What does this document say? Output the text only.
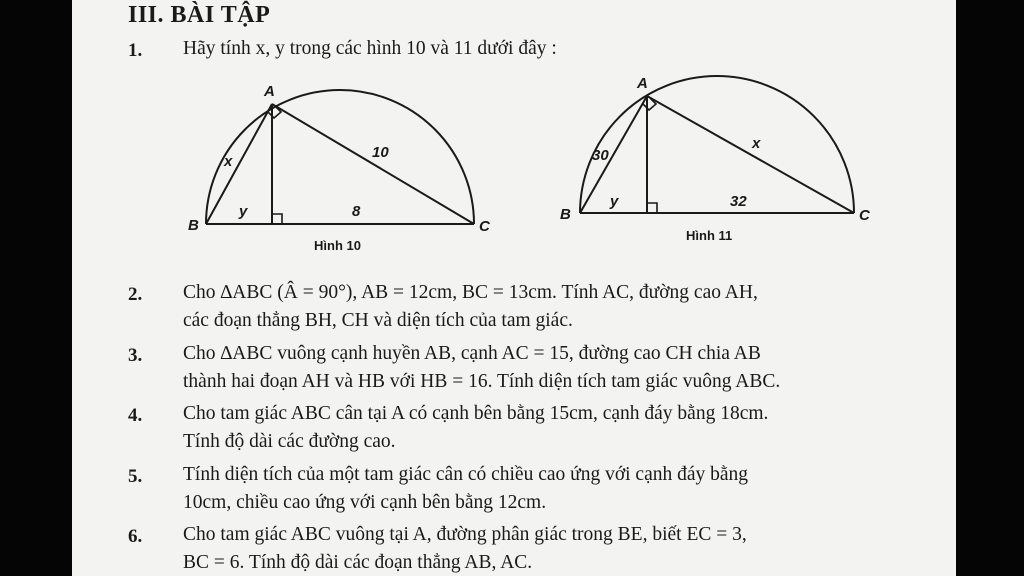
III. BÀI TẬP
1. Hãy tính x, y trong các hình 10 và 11 dưới đây :
A
B	C
x
y
10
8
Hình 10
A
B	C
30
x
y	32
Hình 11
2. Cho ∆ABC (Â = 90°), AB = 12cm, BC = 13cm. Tính AC, đường cao AH,
các đoạn thẳng BH, CH và diện tích của tam giác.
3. Cho ∆ABC vuông cạnh huyền AB, cạnh AC = 15, đường cao CH chia AB
thành hai đoạn AH và HB với HB = 16. Tính diện tích tam giác vuông ABC.
4. Cho tam giác ABC cân tại A có cạnh bên bằng 15cm, cạnh đáy bằng 18cm.
Tính độ dài các đường cao.
5. Tính diện tích của một tam giác cân có chiều cao ứng với cạnh đáy bằng
10cm, chiều cao ứng với cạnh bên bằng 12cm.
6. Cho tam giác ABC vuông tại A, đường phân giác trong BE, biết EC = 3,
BC = 6. Tính độ dài các đoạn thẳng AB, AC.
